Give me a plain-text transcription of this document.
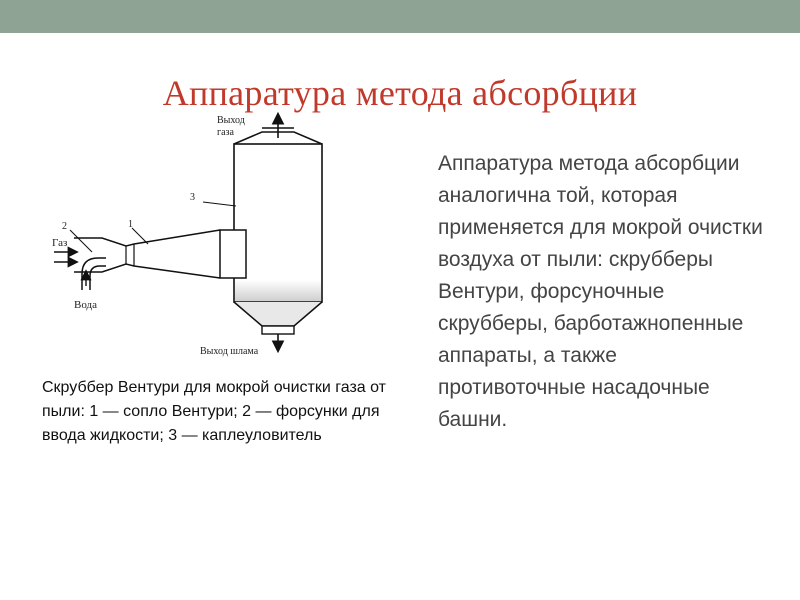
Аппаратура метода абсорбции
Выход
газа
3
1
2
Газ
Вода
Выход шлама
Скруббер Вентури для мокрой очистки газа от пыли: 1 — сопло Вентури; 2 — форсунки для ввода жидкости; 3 — каплеуловитель
Аппаратура метода абсорбции аналогична той, которая применяется для мокрой очистки воздуха от пыли: скрубберы Вентури, форсуночные скрубберы, барботажнопенные аппараты, а также противоточные насадочные башни.
